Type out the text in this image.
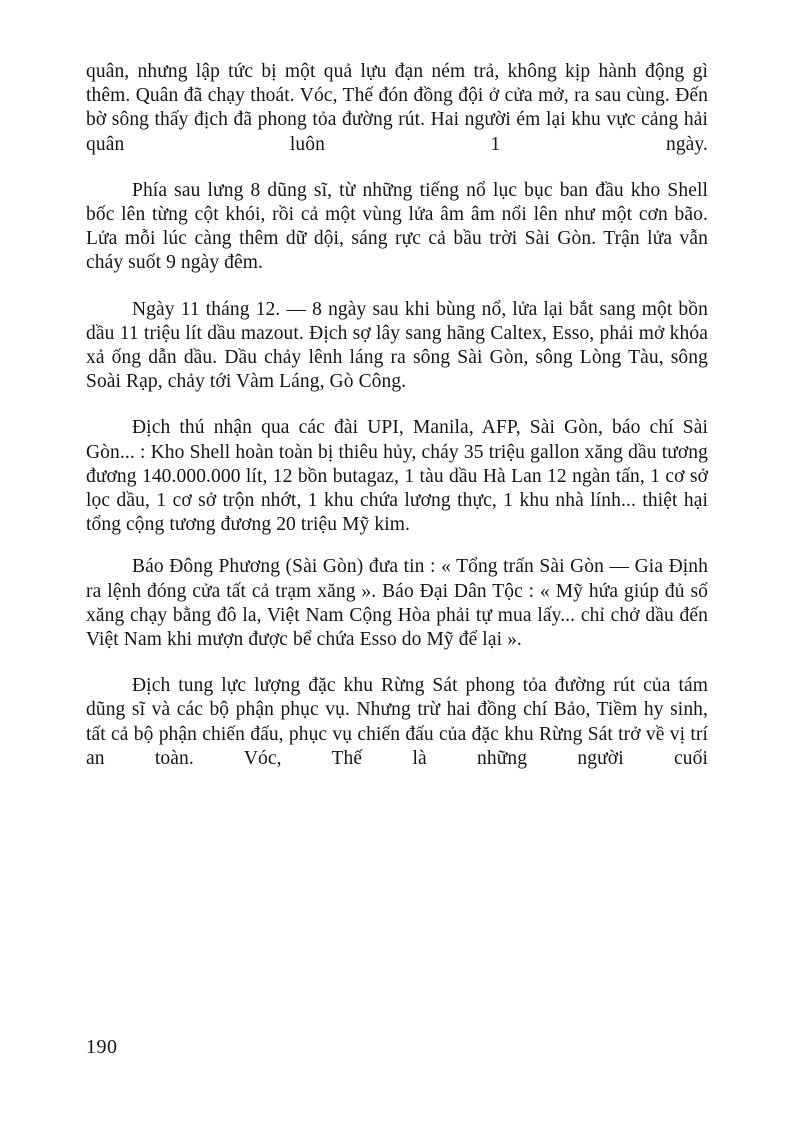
quân, nhưng lập tức bị một quả lựu đạn ném trả, không kịp hành động gì thêm. Quân đã chạy thoát. Vóc, Thế đón đồng đội ở cửa mở, ra sau cùng. Đến bờ sông thấy địch đã phong tỏa đường rút. Hai người ém lại khu vực cảng hải quân luôn 1 ngày.

Phía sau lưng 8 dũng sĩ, từ những tiếng nổ lục bục ban đầu kho Shell bốc lên từng cột khói, rồi cả một vùng lửa âm âm nổi lên như một cơn bão. Lửa mỗi lúc càng thêm dữ dội, sáng rực cả bầu trời Sài Gòn. Trận lửa vẫn cháy suốt 9 ngày đêm.

Ngày 11 tháng 12. — 8 ngày sau khi bùng nổ, lửa lại bắt sang một bồn dầu 11 triệu lít dầu mazout. Địch sợ lây sang hãng Caltex, Esso, phải mở khóa xả ống dẫn dầu. Dầu chảy lênh láng ra sông Sài Gòn, sông Lòng Tàu, sông Soài Rạp, chảy tới Vàm Láng, Gò Công.

Địch thú nhận qua các đài UPI, Manila, AFP, Sài Gòn, báo chí Sài Gòn... : Kho Shell hoàn toàn bị thiêu hủy, cháy 35 triệu gallon xăng dầu tương đương 140.000.000 lít, 12 bồn butagaz, 1 tàu dầu Hà Lan 12 ngàn tấn, 1 cơ sở lọc dầu, 1 cơ sở trộn nhớt, 1 khu chứa lương thực, 1 khu nhà lính... thiệt hại tổng cộng tương đương 20 triệu Mỹ kim.

Báo Đông Phương (Sài Gòn) đưa tin : « Tổng trấn Sài Gòn — Gia Định ra lệnh đóng cửa tất cả trạm xăng ». Báo Đại Dân Tộc : « Mỹ hứa giúp đủ số xăng chạy bằng đô la, Việt Nam Cộng Hòa phải tự mua lấy... chỉ chở dầu đến Việt Nam khi mượn được bể chứa Esso do Mỹ để lại ».

Địch tung lực lượng đặc khu Rừng Sát phong tỏa đường rút của tám dũng sĩ và các bộ phận phục vụ. Nhưng trừ hai đồng chí Bảo, Tiềm hy sinh, tất cả bộ phận chiến đấu, phục vụ chiến đấu của đặc khu Rừng Sát trở về vị trí an toàn. Vóc, Thế là những người cuối

190
